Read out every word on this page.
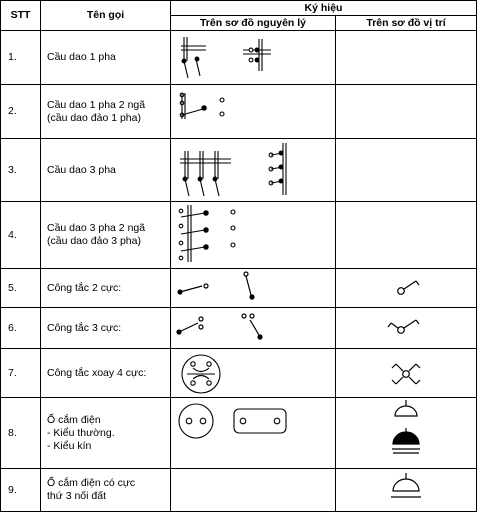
STT	Tên gọi	Ký hiệu	
		Trên sơ đồ nguyên lý	Trên sơ đồ vị trí
1.	Cầu dao 1 pha	

2.	Cầu dao 1 pha 2 ngã
(cầu dao đảo 1 pha)

3.	Cầu dao 3 pha	

4.	Cầu dao 3 pha 2 ngã
(cầu dao đảo 3 pha)

5.	Công tắc 2 cực:	

6.	Công tắc 3 cực:	

7.	Công tắc xoay 4 cực:	

8.	Ổ cắm điện
- Kiểu thường.
- Kiểu kín

9.	Ổ cắm điện có cực
thứ 3 nối đất
